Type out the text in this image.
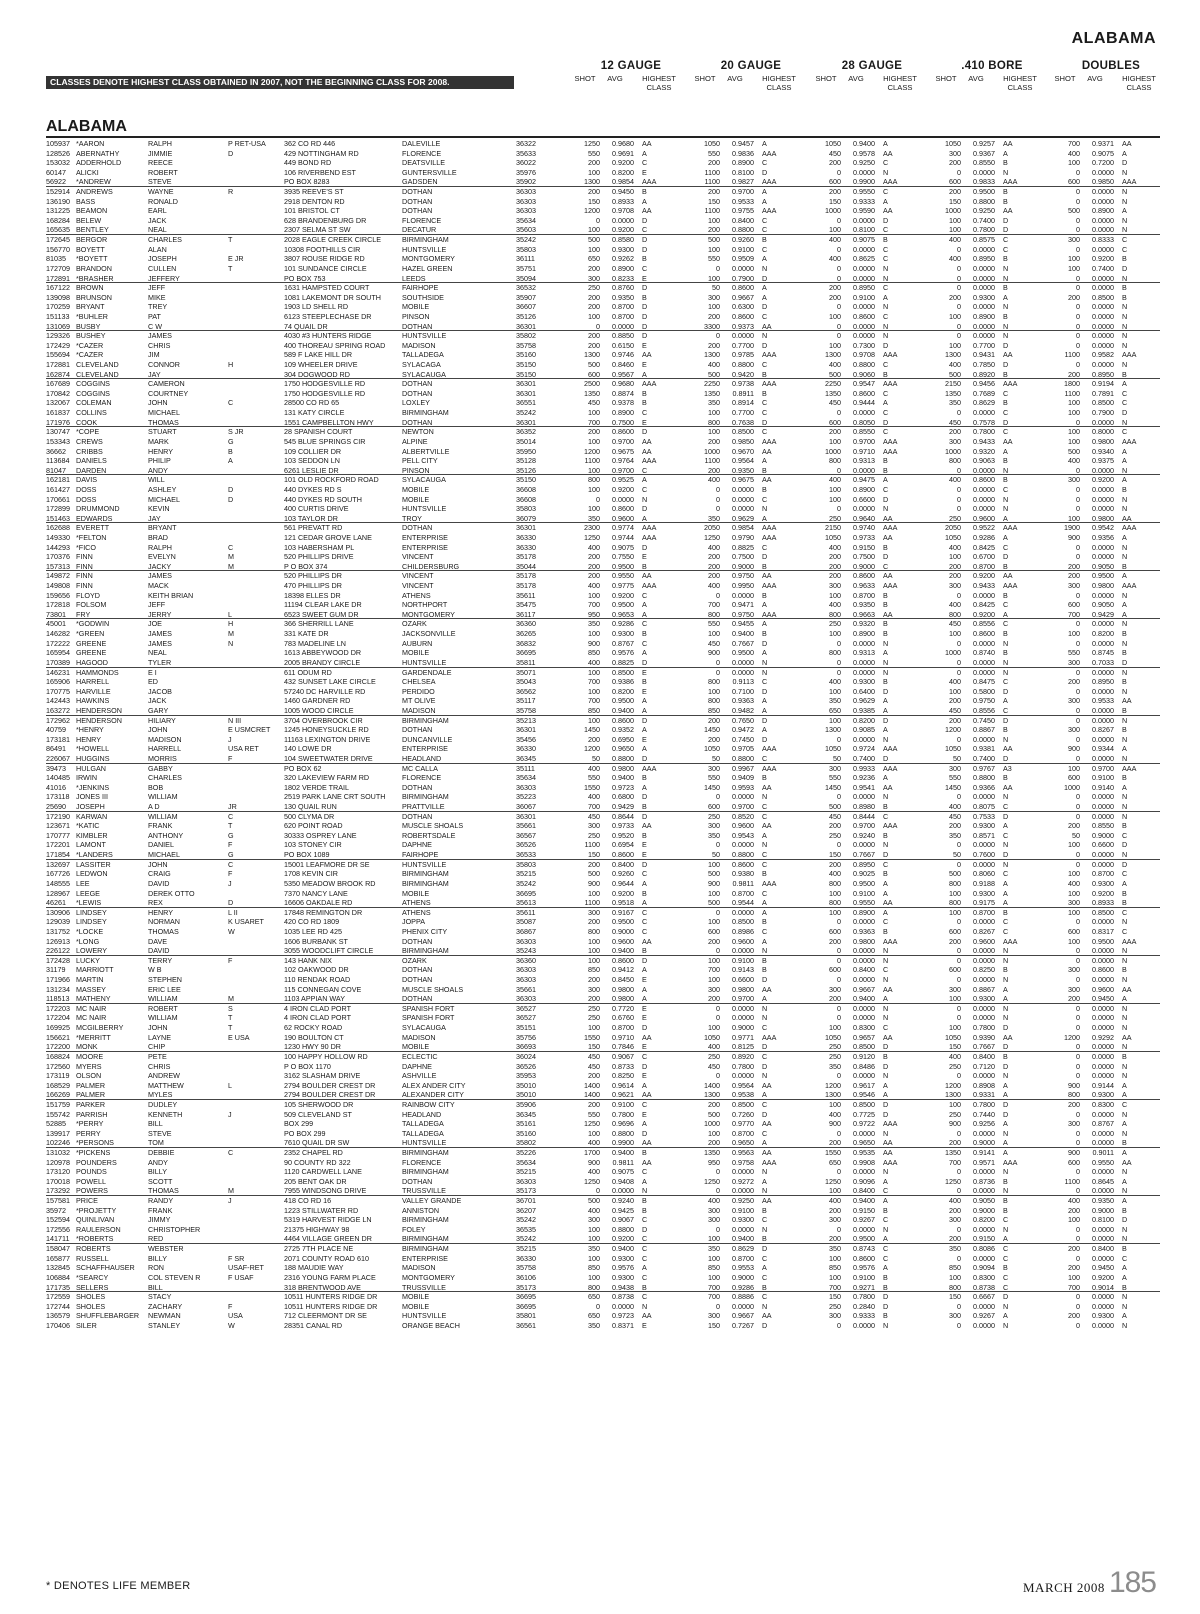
ALABAMA
CLASSES DENOTE HIGHEST CLASS OBTAINED IN 2007, NOT THE BEGINNING CLASS FOR 2008.
12 GAUGE
SHOT	AVG	HIGHEST CLASS
20 GAUGE
SHOT	AVG	HIGHEST CLASS
28 GAUGE
SHOT	AVG	HIGHEST CLASS
.410 BORE
SHOT	AVG	HIGHEST CLASS
DOUBLES
SHOT	AVG	HIGHEST CLASS
ALABAMA
105937 *AARON	RALPH	P RET-USA	362 CO RD 446	DALEVILLE	36322	1250	0.9680 AA	1050	0.9457 A	1050	0.9400 A	1050	0.9257 AA	700	0.9371 AA
128526 ABERNATHY	JIMMIE	D	429 NOTTINGHAM RD	FLORENCE	35633	550	0.9691 A	550	0.9836 AAA	450	0.9578 AA	300	0.9367 A	400	0.9075 A
153032 ADDERHOLD	REECE	449 BOND RD	DEATSVILLE	36022	200	0.9200 C	200	0.8900 C	200	0.9250 C	200	0.8550 B	100	0.7200 D
60147	ALICKI	ROBERT	106 RIVERBEND EST	GUNTERSVILLE	35976	100	0.8200 E	1100	0.8100 D	0	0.0000 N	0	0.0000 N	0	0.0000 N
56922	*ANDREW	STEVE	PO BOX 8283	GADSDEN	35902	1300	0.9854 AAA	1100	0.9827 AAA	600	0.9900 AAA	600	0.9833 AAA	600	0.9850 AAA
152914 ANDREWS	WAYNE	R	3935 REEVE'S ST	DOTHAN	36303	200	0.9450 B	200	0.9700 A	200	0.9550 C	200	0.9500 B	0	0.0000 N
136190 BASS	RONALD	2918 DENTON RD	DOTHAN	36303	150	0.8933 A	150	0.9533 A	150	0.9333 A	150	0.8800 B	0	0.0000 N
131225 BEAMON	EARL	101 BRISTOL CT	DOTHAN	36303	1200	0.9708 AA	1100	0.9755 AAA	1000	0.9590 AA	1000	0.9250 AA	500	0.8900 A
168284 BELEW	JACK	628 BRANDENBURG DR	FLORENCE	35634	0	0.0000 D	100	0.8400 C	0	0.0000 D	100	0.7400 D	0	0.0000 N
165635 BENTLEY	NEAL	2307 SELMA ST SW	DECATUR	35603	100	0.9200 C	200	0.8800 C	100	0.8100 C	100	0.7800 D	0	0.0000 N
172645 BERGOR	CHARLES	T	2028 EAGLE CREEK CIRCLE	BIRMINGHAM	35242	500	0.8580 D	500	0.9260 B	400	0.9075 B	400	0.8575 C	300	0.8333 C
156770 BOYETT	ALAN	10308 FOOTHILLS CIR	HUNTSVILLE	35803	100	0.9300 D	100	0.9100 C	0	0.0000 C	0	0.0000 C	0	0.0000 C
81035	*BOYETT	JOSEPH	E JR	3807 ROUSE RIDGE RD	MONTGOMERY	36111	650	0.9262 B	550	0.9509 A	400	0.8625 C	400	0.8950 B	100	0.9200 B
172709 BRANDON	CULLEN	T	101 SUNDANCE CIRCLE	HAZEL GREEN	35751	200	0.8900 C	0	0.0000 N	0	0.0000 N	0	0.0000 N	100	0.7400 D
172891 *BRASHER	JEFFERY	PO BOX 753	LEEDS	35094	300	0.8233 E	100	0.7900 D	0	0.0000 N	0	0.0000 N	0	0.0000 N
167122 BROWN	JEFF	1631 HAMPSTED COURT	FAIRHOPE	36532	250	0.8760 D	50	0.8600 A	200	0.8950 C	0	0.0000 B	0	0.0000 B
139098 BRUNSON	MIKE	1081 LAKEMONT DR SOUTH	SOUTHSIDE	35907	200	0.9350 B	300	0.9667 A	200	0.9100 A	200	0.9300 A	200	0.8500 B
170259 BRYANT	TREY	1903 LD SHELL RD	MOBILE	36607	200	0.8700 D	100	0.6300 D	0	0.0000 N	0	0.0000 N	0	0.0000 N
151133 *BUHLER	PAT	6123 STEEPLECHASE DR	PINSON	35126	100	0.8700 D	200	0.8600 C	100	0.8600 C	100	0.8900 B	0	0.0000 N
131069 BUSBY	C W	74 QUAIL DR	DOTHAN	36301	0	0.0000 D	3300	0.9373 AA	0	0.0000 N	0	0.0000 N	0	0.0000 N
129326 BUSHEY	JAMES	4030 #3 HUNTERS RIDGE	HUNTSVILLE	35802	200	0.8850 D	0	0.0000 N	0	0.0000 N	0	0.0000 N	0	0.0000 N
172429 *CAZER	CHRIS	400 THOREAU SPRING ROAD	MADISON	35758	200	0.6150 E	200	0.7700 D	100	0.7300 D	100	0.7700 D	0	0.0000 N
155694 *CAZER	JIM	589 F LAKE HILL DR	TALLADEGA	35160	1300	0.9746 AA	1300	0.9785 AAA	1300	0.9708 AAA	1300	0.9431 AA	1100	0.9582 AAA
172881 CLEVELAND	CONNOR	H	109 WHEELER DRIVE	SYLACAGA	35150	500	0.8460 E	400	0.8800 C	400	0.8800 C	400	0.7850 D	0	0.0000 N
162874 CLEVELAND	JAY	304 DOGWOOD RD	SYLACAUGA	35150	600	0.9567 A	500	0.9420 B	500	0.9060 B	500	0.8920 B	200	0.8950 B
167689 COGGINS	CAMERON	1750 HODGESVILLE RD	DOTHAN	36301	2500	0.9680 AAA	2250	0.9738 AAA	2250	0.9547 AAA	2150	0.9456 AAA	1800	0.9194 A
170842 COGGINS	COURTNEY	1750 HODGESVILLE RD	DOTHAN	36301	1350	0.8874 B	1350	0.8911 B	1350	0.8600 C	1350	0.7689 C	1100	0.7891 C
132067 COLEMAN	JOHN	C	28500 CO RD 65	LOXLEY	36551	450	0.9378 B	350	0.8914 C	450	0.9444 A	350	0.8629 B	100	0.8500 C
161837 COLLINS	MICHAEL	131 KATY CIRCLE	BIRMINGHAM	35242	100	0.8900 C	100	0.7700 C	0	0.0000 C	0	0.0000 C	100	0.7900 D
171976 COOK	THOMAS	1551 CAMPBELLTON HWY	DOTHAN	36301	700	0.7500 E	800	0.7638 D	600	0.8050 D	450	0.7578 D	0	0.0000 N
130747 *COPE	STUART	S JR	28 SPANISH COURT	NEWTON	36352	200	0.8600 D	100	0.8500 C	200	0.8550 C	200	0.7800 C	100	0.8000 C
153343 CREWS	MARK	G	545 BLUE SPRINGS CIR	ALPINE	35014	100	0.9700 AA	200	0.9850 AAA	100	0.9700 AAA	300	0.9433 AA	100	0.9800 AAA
36662	CRIBBS	HENRY	B	109 COLLIER DR	ALBERTVILLE	35950	1200	0.9675 AA	1000	0.9670 AA	1000	0.9710 AAA	1000	0.9320 A	500	0.9340 A
113684 DANIELS	PHILIP	A	103 SEDDON LN	PELL CITY	35128	1100	0.9764 AAA	1100	0.9564 A	800	0.9313 B	800	0.9063 B	400	0.9375 A
81047	DARDEN	ANDY	6261 LESLIE DR	PINSON	35126	100	0.9700 C	200	0.9350 B	0	0.0000 B	0	0.0000 N	0	0.0000 N
162181 DAVIS	WILL	101 OLD ROCKFORD ROAD	SYLACAUGA	35150	800	0.9525 A	400	0.9675 AA	400	0.9475 A	400	0.8600 B	300	0.9200 A
161427 DOSS	ASHLEY	D	440 DYKES RD S	MOBILE	36608	100	0.9200 C	0	0.0000 B	100	0.8900 C	0	0.0000 C	0	0.0000 B
170661 DOSS	MICHAEL	D	440 DYKES RD SOUTH	MOBILE	36608	0	0.0000 N	0	0.0000 C	100	0.6600 D	0	0.0000 N	0	0.0000 N
172899 DRUMMOND	KEVIN	400 CURTIS DRIVE	HUNTSVILLE	35803	100	0.8600 D	0	0.0000 N	0	0.0000 N	0	0.0000 N	0	0.0000 N
151463 EDWARDS	JAY	103 TAYLOR DR	TROY	36079	350	0.9600 A	350	0.9629 A	250	0.9640 AA	250	0.9600 A	100	0.9800 AA
162688 EVERETT	BRYANT	561 PREVATT RD	DOTHAN	36301	2300	0.9774 AAA	2050	0.9854 AAA	2150	0.9740 AAA	2050	0.9522 AAA	1900	0.9542 AAA
149330 *FELTON	BRAD	121 CEDAR GROVE LANE	ENTERPRISE	36330	1250	0.9744 AAA	1250	0.9790 AAA	1050	0.9733 AA	1050	0.9286 A	900	0.9356 A
144293 *FICO	RALPH	C	103 HABERSHAM PL	ENTERPRISE	36330	400	0.9075 D	400	0.8825 C	400	0.9150 B	400	0.8425 C	0	0.0000 N
170376 FINN	EVELYN	M	520 PHILLIPS DRIVE	VINCENT	35178	200	0.7550 E	200	0.7500 D	200	0.7500 D	100	0.6700 D	0	0.0000 N
157313 FINN	JACKY	M	P O BOX 374	CHILDERSBURG	35044	200	0.9500 B	200	0.9000 B	200	0.9000 C	200	0.8700 B	200	0.9050 B
149872 FINN	JAMES	520 PHILLIPS DR	VINCENT	35178	200	0.9550 AA	200	0.9750 AA	200	0.8600 AA	200	0.9200 AA	200	0.9500 A
149808 FINN	MACK	470 PHILLIPS DR	VINCENT	35178	400	0.9775 AAA	400	0.9950 AAA	300	0.9633 AAA	300	0.9433 AAA	300	0.9800 AAA
159656 FLOYD	KEITH BRIAN	18398 ELLES DR	ATHENS	35611	100	0.9200 C	0	0.0000 B	100	0.8700 B	0	0.0000 B	0	0.0000 N
172818 FOLSOM	JEFF	11194 CLEAR LAKE DR	NORTHPORT	35475	700	0.9500 A	700	0.9471 A	400	0.9350 B	400	0.8425 C	600	0.9050 A
73801	FRY	JERRY	L	6523 SWEET GUM DR	MONTGOMERY	36117	950	0.9653 A	800	0.9750 AAA	800	0.9663 AA	800	0.9200 A	700	0.9429 A
45001	*GODWIN	JOE	H	366 SHERRILL LANE	OZARK	36360	350	0.9286 C	550	0.9455 A	250	0.9320 B	450	0.8556 C	0	0.0000 N
146282 *GREEN	JAMES	M	331 KATE DR	JACKSONVILLE	36265	100	0.9300 B	100	0.9400 B	100	0.8900 B	100	0.8600 B	100	0.8200 B
172222 GREENE	JAMES	N	783 MADELINE LN	AUBURN	36832	900	0.8767 C	450	0.7667 D	0	0.0000 N	0	0.0000 N	0	0.0000 N
165954 GREENE	NEAL	1613 ABBEYWOOD DR	MOBILE	36695	850	0.9576 A	900	0.9500 A	800	0.9313 A	1000	0.8740 B	550	0.8745 B
170389 HAGOOD	TYLER	2005 BRANDY CIRCLE	HUNTSVILLE	35811	400	0.8825 D	0	0.0000 N	0	0.0000 N	0	0.0000 N	300	0.7033 D
146231 HAMMONDS	E I	611 ODUM RD	GARDENDALE	35071	100	0.8500 E	0	0.0000 N	0	0.0000 N	0	0.0000 N	0	0.0000 N
165906 HARRELL	ED	432 SUNSET LAKE CIRCLE	CHELSEA	35043	700	0.9386 B	800	0.9113 C	400	0.9300 B	400	0.8475 C	200	0.8950 B
170775 HARVILLE	JACOB	57240 DC HARVILLE RD	PERDIDO	36562	100	0.8200 E	100	0.7100 D	100	0.6400 D	100	0.5800 D	0	0.0000 N
142443 HAWKINS	JACK	1460 GARDNER RD	MT OLIVE	35117	700	0.9500 A	800	0.9363 A	350	0.9629 A	200	0.9750 A	300	0.9533 AA
163272 HENDERSON	GARY	1005 WOOD CIRCLE	MADISON	35758	850	0.9400 A	850	0.9482 A	650	0.9385 A	450	0.8556 C	0	0.0000 B
172962 HENDERSON	HILIARY	N III	3704 OVERBROOK CIR	BIRMINGHAM	35213	100	0.8600 D	200	0.7650 D	100	0.8200 D	200	0.7450 D	0	0.0000 N
40759	*HENRY	JOHN	E USMCRET	1245 HONEYSUCKLE RD	DOTHAN	36301	1450	0.9352 A	1450	0.9472 A	1300	0.9085 A	1200	0.8867 B	300	0.8267 B
173181 HENRY	MADISON	J	11163 LEXINGTON DRIVE	DUNCANVILLE	35456	200	0.6950 E	200	0.7450 D	0	0.0000 N	0	0.0000 N	0	0.0000 N
86491	*HOWELL	HARRELL	USA RET	140 LOWE DR	ENTERPRISE	36330	1200	0.9650 A	1050	0.9705 AAA	1050	0.9724 AAA	1050	0.9381 AA	900	0.9344 A
226067 HUGGINS	MORRIS	F	104 SWEETWATER DRIVE	HEADLAND	36345	50	0.8800 D	50	0.8800 C	50	0.7400 D	50	0.7400 D	0	0.0000 N
39473	HULGAN	GABBY	PO BOX 62	MC CALLA	35111	400	0.9800 AAA	300	0.9967 AAA	300	0.9933 AAA	300	0.9767 A3	100	0.9700 AAA
140485 IRWIN	CHARLES	320 LAKEVIEW FARM RD	FLORENCE	35634	550	0.9400 B	550	0.9409 B	550	0.9236 A	550	0.8800 B	600	0.9100 B
41016	*JENKINS	BOB	1802 VERDE TRAIL	DOTHAN	36303	1550	0.9723 A	1450	0.9593 AA	1450	0.9541 AA	1450	0.9366 AA	1000	0.9140 A
173118 JONES III	WILLIAM	2519 PARK LANE CRT SOUTH	BIRMINGHAM	35223	400	0.6800 D	0	0.0000 N	0	0.0000 N	0	0.0000 N	0	0.0000 N
25690	JOSEPH	A D	JR	130 QUAIL RUN	PRATTVILLE	36067	700	0.9429 B	600	0.9700 C	500	0.8980 B	400	0.8075 C	0	0.0000 N
172190 KARWAN	WILLIAM	C	500 CLYMA DR	DOTHAN	36301	450	0.8644 D	250	0.8520 C	450	0.8444 C	450	0.7533 D	0	0.0000 N
123671 *KATIC	FRANK	T	620 POINT ROAD	MUSCLE SHOALS	35661	300	0.9733 AA	300	0.9600 AA	200	0.9700 AAA	200	0.9300 A	200	0.8550 B
170777 KIMBLER	ANTHONY	G	30333 OSPREY LANE	ROBERTSDALE	36567	250	0.9520 B	350	0.9543 A	250	0.9240 B	350	0.8571 C	50	0.9000 C
172201 LAMONT	DANIEL	F	103 STONEY CIR	DAPHNE	36526	1100	0.6954 E	0	0.0000 N	0	0.0000 N	0	0.0000 N	100	0.6600 D
171854 *LANDERS	MICHAEL	G	PO BOX 1089	FAIRHOPE	36533	150	0.8600 E	50	0.8800 C	150	0.7667 D	50	0.7600 D	0	0.0000 N
132697 LASSITER	JOHN	C	15001 LEAFMORE DR SE	HUNTSVILLE	35803	200	0.8400 D	100	0.8600 C	200	0.8950 C	0	0.0000 N	0	0.0000 D
167726 LEDWON	CRAIG	F	1708 KEVIN CIR	BIRMINGHAM	35215	500	0.9260 C	500	0.9380 B	400	0.9025 B	500	0.8060 C	100	0.8700 C
148555 LEE	DAVID	J	5350 MEADOW BROOK RD	BIRMINGHAM	35242	900	0.9644 A	900	0.9811 AAA	800	0.9500 A	800	0.9188 A	400	0.9300 A
128967 LEEGE	DEREK OTTO	7370 NANCY LANE	MOBILE	36695	100	0.9200 B	100	0.8700 C	100	0.9100 A	100	0.9300 A	100	0.9200 B
46261	*LEWIS	REX	D	16606 OAKDALE RD	ATHENS	35613	1100	0.9518 A	500	0.9544 A	800	0.9550 AA	800	0.9175 A	300	0.8933 B
130906 LINDSEY	HENRY	L II	17848 REMINGTON DR	ATHENS	35611	300	0.9167 C	0	0.0000 A	100	0.8900 A	100	0.8700 B	100	0.8500 C
129039 LINDSEY	NORMAN	K USARET	420 CO RD 1809	JOPPA	35087	200	0.9500 C	100	0.8500 B	0	0.0000 C	0	0.0000 C	0	0.0000 N
131752 *LOCKE	THOMAS	W	1035 LEE RD 425	PHENIX CITY	36867	800	0.9000 C	600	0.8986 C	600	0.9363 B	600	0.8267 C	600	0.8317 C
126913 *LONG	DAVE	1606 BURBANK ST	DOTHAN	36303	100	0.9600 AA	200	0.9600 A	200	0.9800 AAA	200	0.9600 AAA	100	0.9500 AAA
226122 LOWERY	DAVID	3055 WOODCLIFT CIRCLE	BIRMINGHAM	35243	100	0.9400 B	0	0.0000 N	0	0.0000 N	0	0.0000 N	0	0.0000 N
172428 LUCKY	TERRY	F	143 HANK NIX	OZARK	36360	100	0.8600 D	100	0.9100 B	0	0.0000 N	0	0.0000 N	0	0.0000 N
31179	MARRIOTT	W B	102 OAKWOOD DR	DOTHAN	36303	850	0.9412 A	700	0.9143 B	600	0.8400 C	600	0.8250 B	300	0.8600 B
171966 MARTIN	STEPHEN	110 RENDAK ROAD	DOTHAN	36303	200	0.8450 E	100	0.6600 D	0	0.0000 N	0	0.0000 N	0	0.0000 N
131234 MASSEY	ERIC LEE	115 CONNEGAN COVE	MUSCLE SHOALS	35661	300	0.9800 A	300	0.9800 AA	300	0.9667 AA	300	0.8867 A	300	0.9600 AA
118513 MATHENY	WILLIAM	M	1103 APPIAN WAY	DOTHAN	36303	200	0.9800 A	200	0.9700 A	200	0.9400 A	100	0.9300 A	200	0.9450 A
172203 MC NAIR	ROBERT	S	4 IRON CLAD PORT	SPANISH FORT	36527	250	0.7720 E	0	0.0000 N	0	0.0000 N	0	0.0000 N	0	0.0000 N
172204 MC NAIR	WILLIAM	T	4 IRON CLAD PORT	SPANISH FORT	36527	250	0.6760 E	0	0.0000 N	0	0.0000 N	0	0.0000 N	0	0.0000 N
169925 MCGILBERRY	JOHN	T	62 ROCKY ROAD	SYLACAUGA	35151	100	0.8700 D	100	0.9000 C	100	0.8300 C	100	0.7800 D	0	0.0000 N
156621 *MERRITT	LAYNE	E USA	190 BOULTON CT	MADISON	35756	1550	0.9710 AA	1050	0.9771 AAA	1050	0.9657 AA	1050	0.9390 AA	1200	0.9292 AA
172200 MONK	CHIP	1230 HWY 90 DR	MOBILE	36693	150	0.7846 E	400	0.8125 D	250	0.8500 D	150	0.7667 D	0	0.0000 N
168824 MOORE	PETE	100 HAPPY HOLLOW RD	ECLECTIC	36024	450	0.9067 C	250	0.8920 C	250	0.9120 B	400	0.8400 B	0	0.0000 B
172560 MYERS	CHRIS	P O BOX 1170	DAPHNE	36526	450	0.8733 D	450	0.7800 D	350	0.8486 D	250	0.7120 D	0	0.0000 N
173119 OLSON	ANDREW	3162 SLASHAM DRIVE	ASHVILLE	35953	200	0.8250 E	0	0.0000 N	0	0.0000 N	0	0.0000 N	0	0.0000 N
168529 PALMER	MATTHEW	L	2794 BOULDER CREST DR	ALEX ANDER CITY	35010	1400	0.9614 A	1400	0.9564 AA	1200	0.9617 A	1200	0.8908 A	900	0.9144 A
166269 PALMER	MYLES	2794 BOULDER CREST DR	ALEXANDER CITY	35010	1400	0.9621 AA	1300	0.9538 A	1300	0.9546 A	1300	0.9331 A	800	0.9300 A
151759 PARKER	DUDLEY	105 SHERWOOD DR	RAINBOW CITY	35906	200	0.9100 C	200	0.8500 C	100	0.8500 D	100	0.7800 D	200	0.8300 C
155742 PARRISH	KENNETH	J	509 CLEVELAND ST	HEADLAND	36345	550	0.7800 E	500	0.7260 D	400	0.7725 D	250	0.7440 D	0	0.0000 N
52885	*PERRY	BILL	BOX 299	TALLADEGA	35161	1250	0.9696 A	1000	0.9770 AA	900	0.9722 AAA	900	0.9256 A	300	0.8767 A
139917 PERRY	STEVE	PO BOX 299	TALLADEGA	35160	100	0.8800 D	100	0.8700 C	0	0.0000 N	0	0.0000 N	0	0.0000 N
102246 *PERSONS	TOM	7610 QUAIL DR SW	HUNTSVILLE	35802	400	0.9900 AA	200	0.9650 A	200	0.9650 AA	200	0.9000 A	0	0.0000 B
131032 *PICKENS	DEBBIE	C	2352 CHAPEL RD	BIRMINGHAM	35226	1700	0.9400 B	1350	0.9563 AA	1550	0.9535 AA	1350	0.9141 A	900	0.9011 A
120978 POUNDERS	ANDY	90 COUNTY RD 322	FLORENCE	35634	900	0.9811 AA	950	0.9758 AAA	650	0.9908 AAA	700	0.9571 AAA	600	0.9550 AA
173120 POUNDS	BILLY	1120 CARDWELL LANE	BIRMINGHAM	35215	400	0.9075 C	0	0.0000 N	0	0.0000 N	0	0.0000 N	0	0.0000 N
170018 POWELL	SCOTT	205 BENT OAK DR	DOTHAN	36303	1250	0.9408 A	1250	0.9272 A	1250	0.9096 A	1250	0.8736 B	1100	0.8645 A
173292 POWERS	THOMAS	M	7955 WINDSONG DRIVE	TRUSSVILLE	35173	0	0.0000 N	0	0.0000 N	100	0.8400 C	0	0.0000 N	0	0.0000 N
157581 PRICE	RANDY	J	418 CO RD 16	VALLEY GRANDE	36701	500	0.9240 B	400	0.9250 AA	400	0.9400 A	400	0.9050 B	400	0.9350 A
35972	*PROJETTY	FRANK	1223 STILLWATER RD	ANNISTON	36207	400	0.9425 B	300	0.9100 B	200	0.9150 B	200	0.9000 B	200	0.9000 B
152594 QUINLIVAN	JIMMY	5319 HARVEST RIDGE LN	BIRMINGHAM	35242	300	0.9067 C	300	0.9300 C	300	0.9267 C	300	0.8200 C	100	0.8100 D
172556 RAULERSON	CHRISTOPHER	21375 HIGHWAY 98	FOLEY	36535	100	0.8800 D	0	0.0000 N	0	0.0000 N	0	0.0000 N	0	0.0000 N
141711 *ROBERTS	RED	4464 VILLAGE GREEN DR	BIRMINGHAM	35242	100	0.9200 C	100	0.9400 B	200	0.9500 A	200	0.9150 A	0	0.0000 N
158047 ROBERTS	WEBSTER	2725 7TH PLACE NE	BIRMINGHAM	35215	350	0.9400 C	350	0.8629 D	350	0.8743 C	350	0.8086 C	200	0.8400 B
165877 RUSSELL	BILLY	F SR	2071 COUNTY ROAD 610	ENTERPRISE	36330	100	0.9300 C	100	0.8700 C	100	0.8600 C	0	0.0000 C	0	0.0000 C
132845 SCHAFFHAUSER	RON	USAF-RET	188 MAUDIE WAY	MADISON	35758	850	0.9576 A	850	0.9553 A	850	0.9576 A	850	0.9094 B	200	0.9450 A
106884 *SEARCY	COL STEVEN R	F USAF	2316 YOUNG FARM PLACE	MONTGOMERY	36106	100	0.9300 C	100	0.9000 C	100	0.9100 B	100	0.8300 C	100	0.9200 A
171735 SELLERS	BILL	318 BRENTWOOD AVE	TRUSSVILLE	35173	800	0.9438 B	700	0.9286 B	700	0.9271 B	800	0.8738 C	700	0.9014 B
172559 SHOLES	STACY	10511 HUNTERS RIDGE DR	MOBILE	36695	650	0.8738 C	700	0.8886 C	150	0.7800 D	150	0.6667 D	0	0.0000 N
172744 SHOLES	ZACHARY	F	10511 HUNTERS RIDGE DR	MOBILE	36695	0	0.0000 N	0	0.0000 N	250	0.2840 D	0	0.0000 N	0	0.0000 N
136579 SHUFFLEBARGER	NEWMAN	USA	712 CLEERMONT DR SE	HUNTSVILLE	35801	650	0.9723 AA	300	0.9667 AA	300	0.9333 B	300	0.9267 A	200	0.9300 A
170406 SILER	STANLEY	W	28351 CANAL RD	ORANGE BEACH	36561	350	0.8371 E	150	0.7267 D	0	0.0000 N	0	0.0000 N	0	0.0000 N
* DENOTES LIFE MEMBER	MARCH 2008 185
